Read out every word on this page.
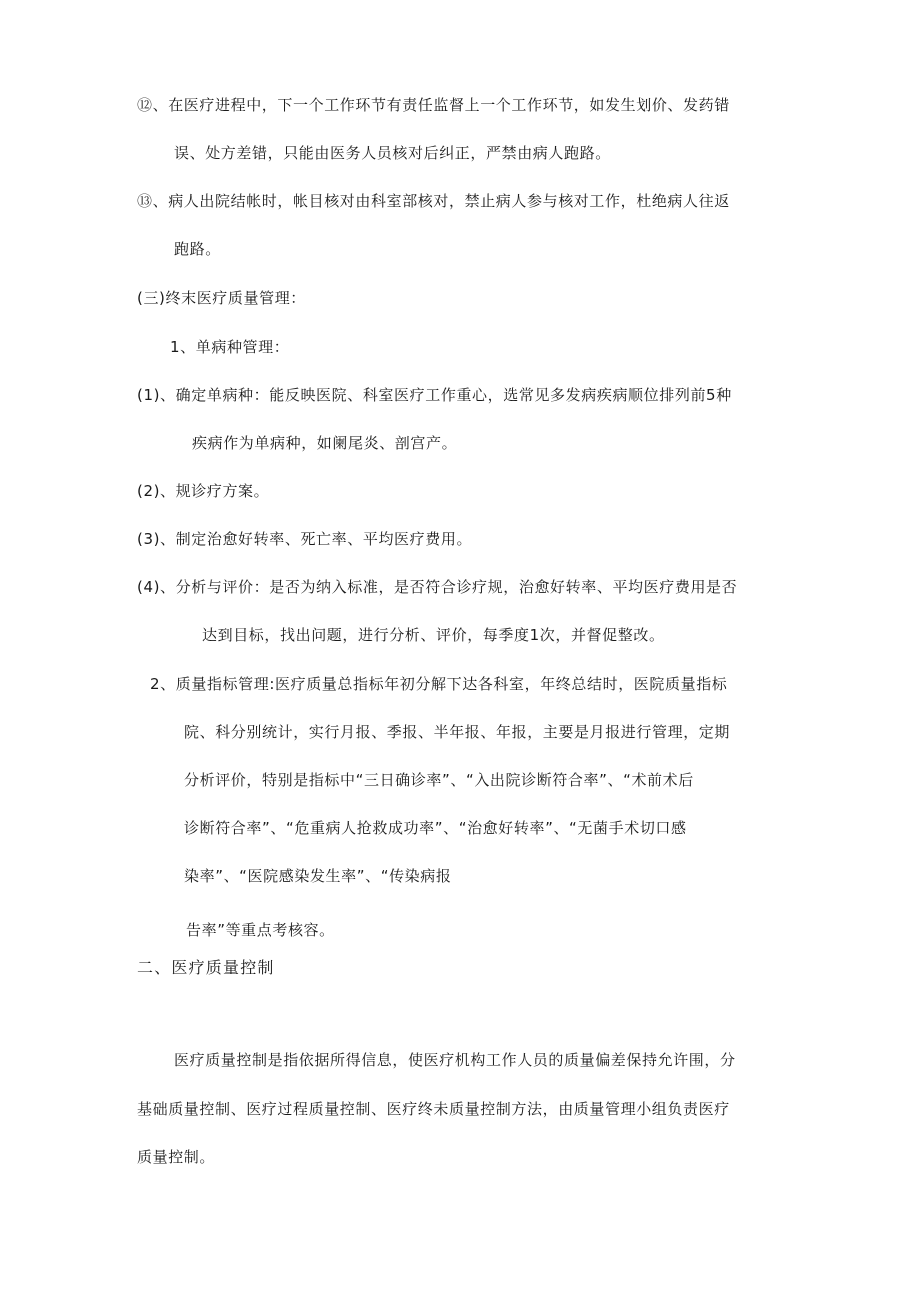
⑫、在医疗进程中，下一个工作环节有责任监督上一个工作环节，如发生划价、发药错

误、处方差错，只能由医务人员核对后纠正，严禁由病人跑路。

⑬、病人出院结帐时，帐目核对由科室部核对，禁止病人参与核对工作，杜绝病人往返

跑路。

(三)终末医疗质量管理：

1、单病种管理：

(1)、确定单病种：能反映医院、科室医疗工作重心，选常见多发病疾病顺位排列前5种

疾病作为单病种，如阑尾炎、剖宫产。

(2)、规诊疗方案。

(3)、制定治愈好转率、死亡率、平均医疗费用。

(4)、分析与评价：是否为纳入标准，是否符合诊疗规，治愈好转率、平均医疗费用是否

达到目标，找出问题，进行分析、评价，每季度1次，并督促整改。

2、质量指标管理:医疗质量总指标年初分解下达各科室，年终总结时，医院质量指标

院、科分别统计，实行月报、季报、半年报、年报，主要是月报进行管理，定期

分析评价，特别是指标中“三日确诊率”、“入出院诊断符合率”、“术前术后

诊断符合率”、“危重病人抢救成功率”、“治愈好转率”、“无菌手术切口感

染率”、“医院感染发生率”、“传染病报

告率”等重点考核容。

二、医疗质量控制

医疗质量控制是指依据所得信息，使医疗机构工作人员的质量偏差保持允许围，分

基础质量控制、医疗过程质量控制、医疗终未质量控制方法，由质量管理小组负责医疗

质量控制。
